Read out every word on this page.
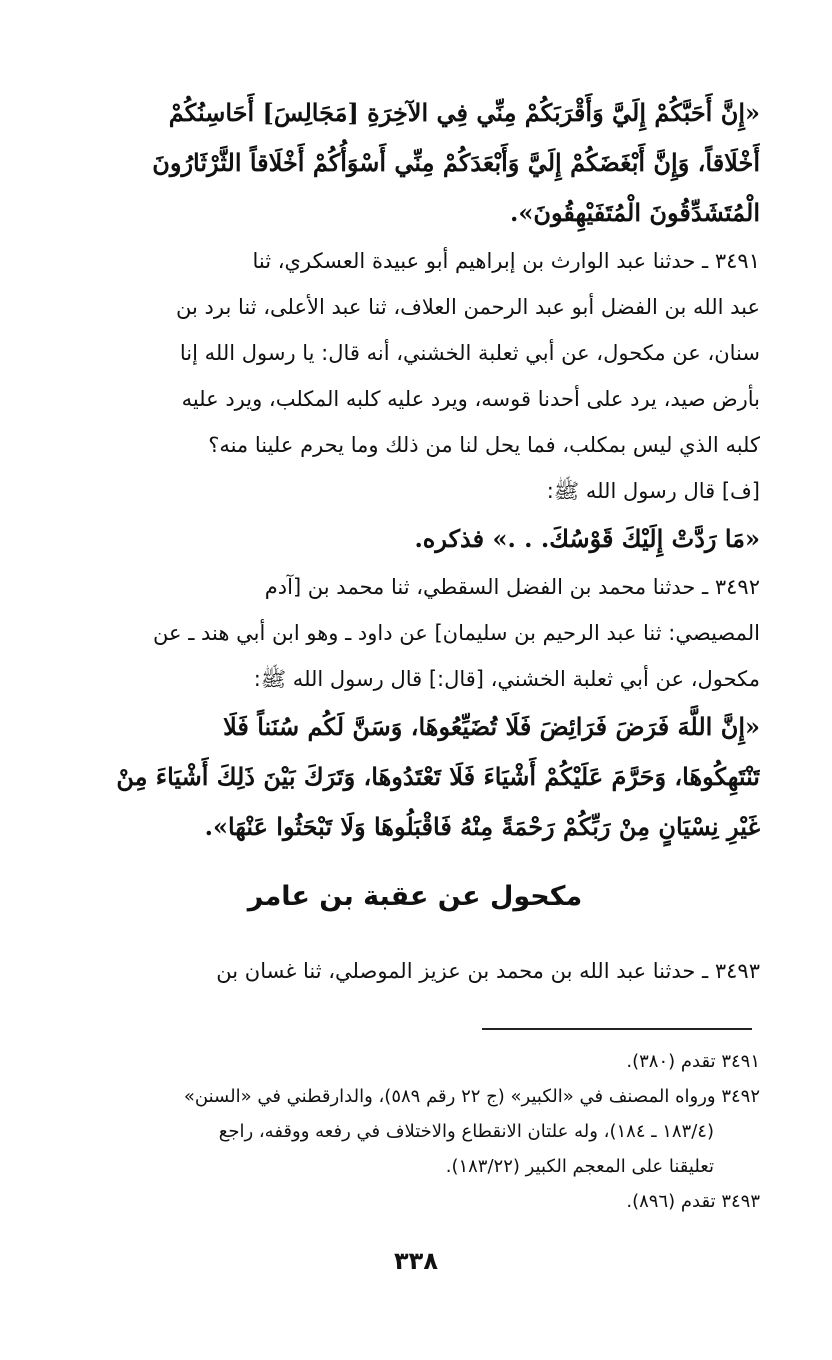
«إِنَّ أَحَبَّكُمْ إِلَيَّ وَأَقْرَبَكُمْ مِنِّي فِي الآخِرَةِ [مَجَالِسَ] أَحَاسِنُكُمْ

أَخْلَاقاً، وَإِنَّ أَبْغَضَكُمْ إِلَيَّ وَأَبْعَدَكُمْ مِنِّي أَسْوَأُكُمْ أَخْلَاقاً الثَّرْثَارُونَ

الْمُتَشَدِّقُونَ الْمُتَفَيْهِقُونَ».

٣٤٩١ ـ حدثنا عبد الوارث بن إبراهيم أبو عبيدة العسكري، ثنا

عبد الله بن الفضل أبو عبد الرحمن العلاف، ثنا عبد الأعلى، ثنا برد بن

سنان، عن مكحول، عن أبي ثعلبة الخشني، أنه قال: يا رسول الله إنا

بأرض صيد، يرد على أحدنا قوسه، ويرد عليه كلبه المكلب، ويرد عليه

كلبه الذي ليس بمكلب، فما يحل لنا من ذلك وما يحرم علينا منه؟

[ف] قال رسول الله ﷺ:

«مَا رَدَّتْ إِلَيْكَ قَوْسُكَ. . .» فذكره.

٣٤٩٢ ـ حدثنا محمد بن الفضل السقطي، ثنا محمد بن [آدم

المصيصي: ثنا عبد الرحيم بن سليمان] عن داود ـ وهو ابن أبي هند ـ عن

مكحول، عن أبي ثعلبة الخشني، [قال:] قال رسول الله ﷺ:

«إِنَّ اللَّهَ فَرَضَ فَرَائِضَ فَلَا تُضَيِّعُوهَا، وَسَنَّ لَكُم سُنَناً فَلَا

تَنْتَهِكُوهَا، وَحَرَّمَ عَلَيْكُمْ أَشْيَاءَ فَلَا تَعْتَدُوهَا، وَتَرَكَ بَيْنَ ذَلِكَ أَشْيَاءَ مِنْ

غَيْرِ نِسْيَانٍ مِنْ رَبِّكُمْ رَحْمَةً مِنْهُ فَاقْبَلُوهَا وَلَا تَبْحَثُوا عَنْهَا».

مكحول عن عقبة بن عامر

٣٤٩٣ ـ حدثنا عبد الله بن محمد بن عزيز الموصلي، ثنا غسان بن

٣٤٩١ تقدم (٣٨٠).

٣٤٩٢ ورواه المصنف في «الكبير» (ج ٢٢ رقم ٥٨٩)، والدارقطني في «السنن»

(١٨٣/٤ ـ ١٨٤)، وله علتان الانقطاع والاختلاف في رفعه ووقفه، راجع

تعليقنا على المعجم الكبير (١٨٣/٢٢).

٣٤٩٣ تقدم (٨٩٦).

٣٣٨
